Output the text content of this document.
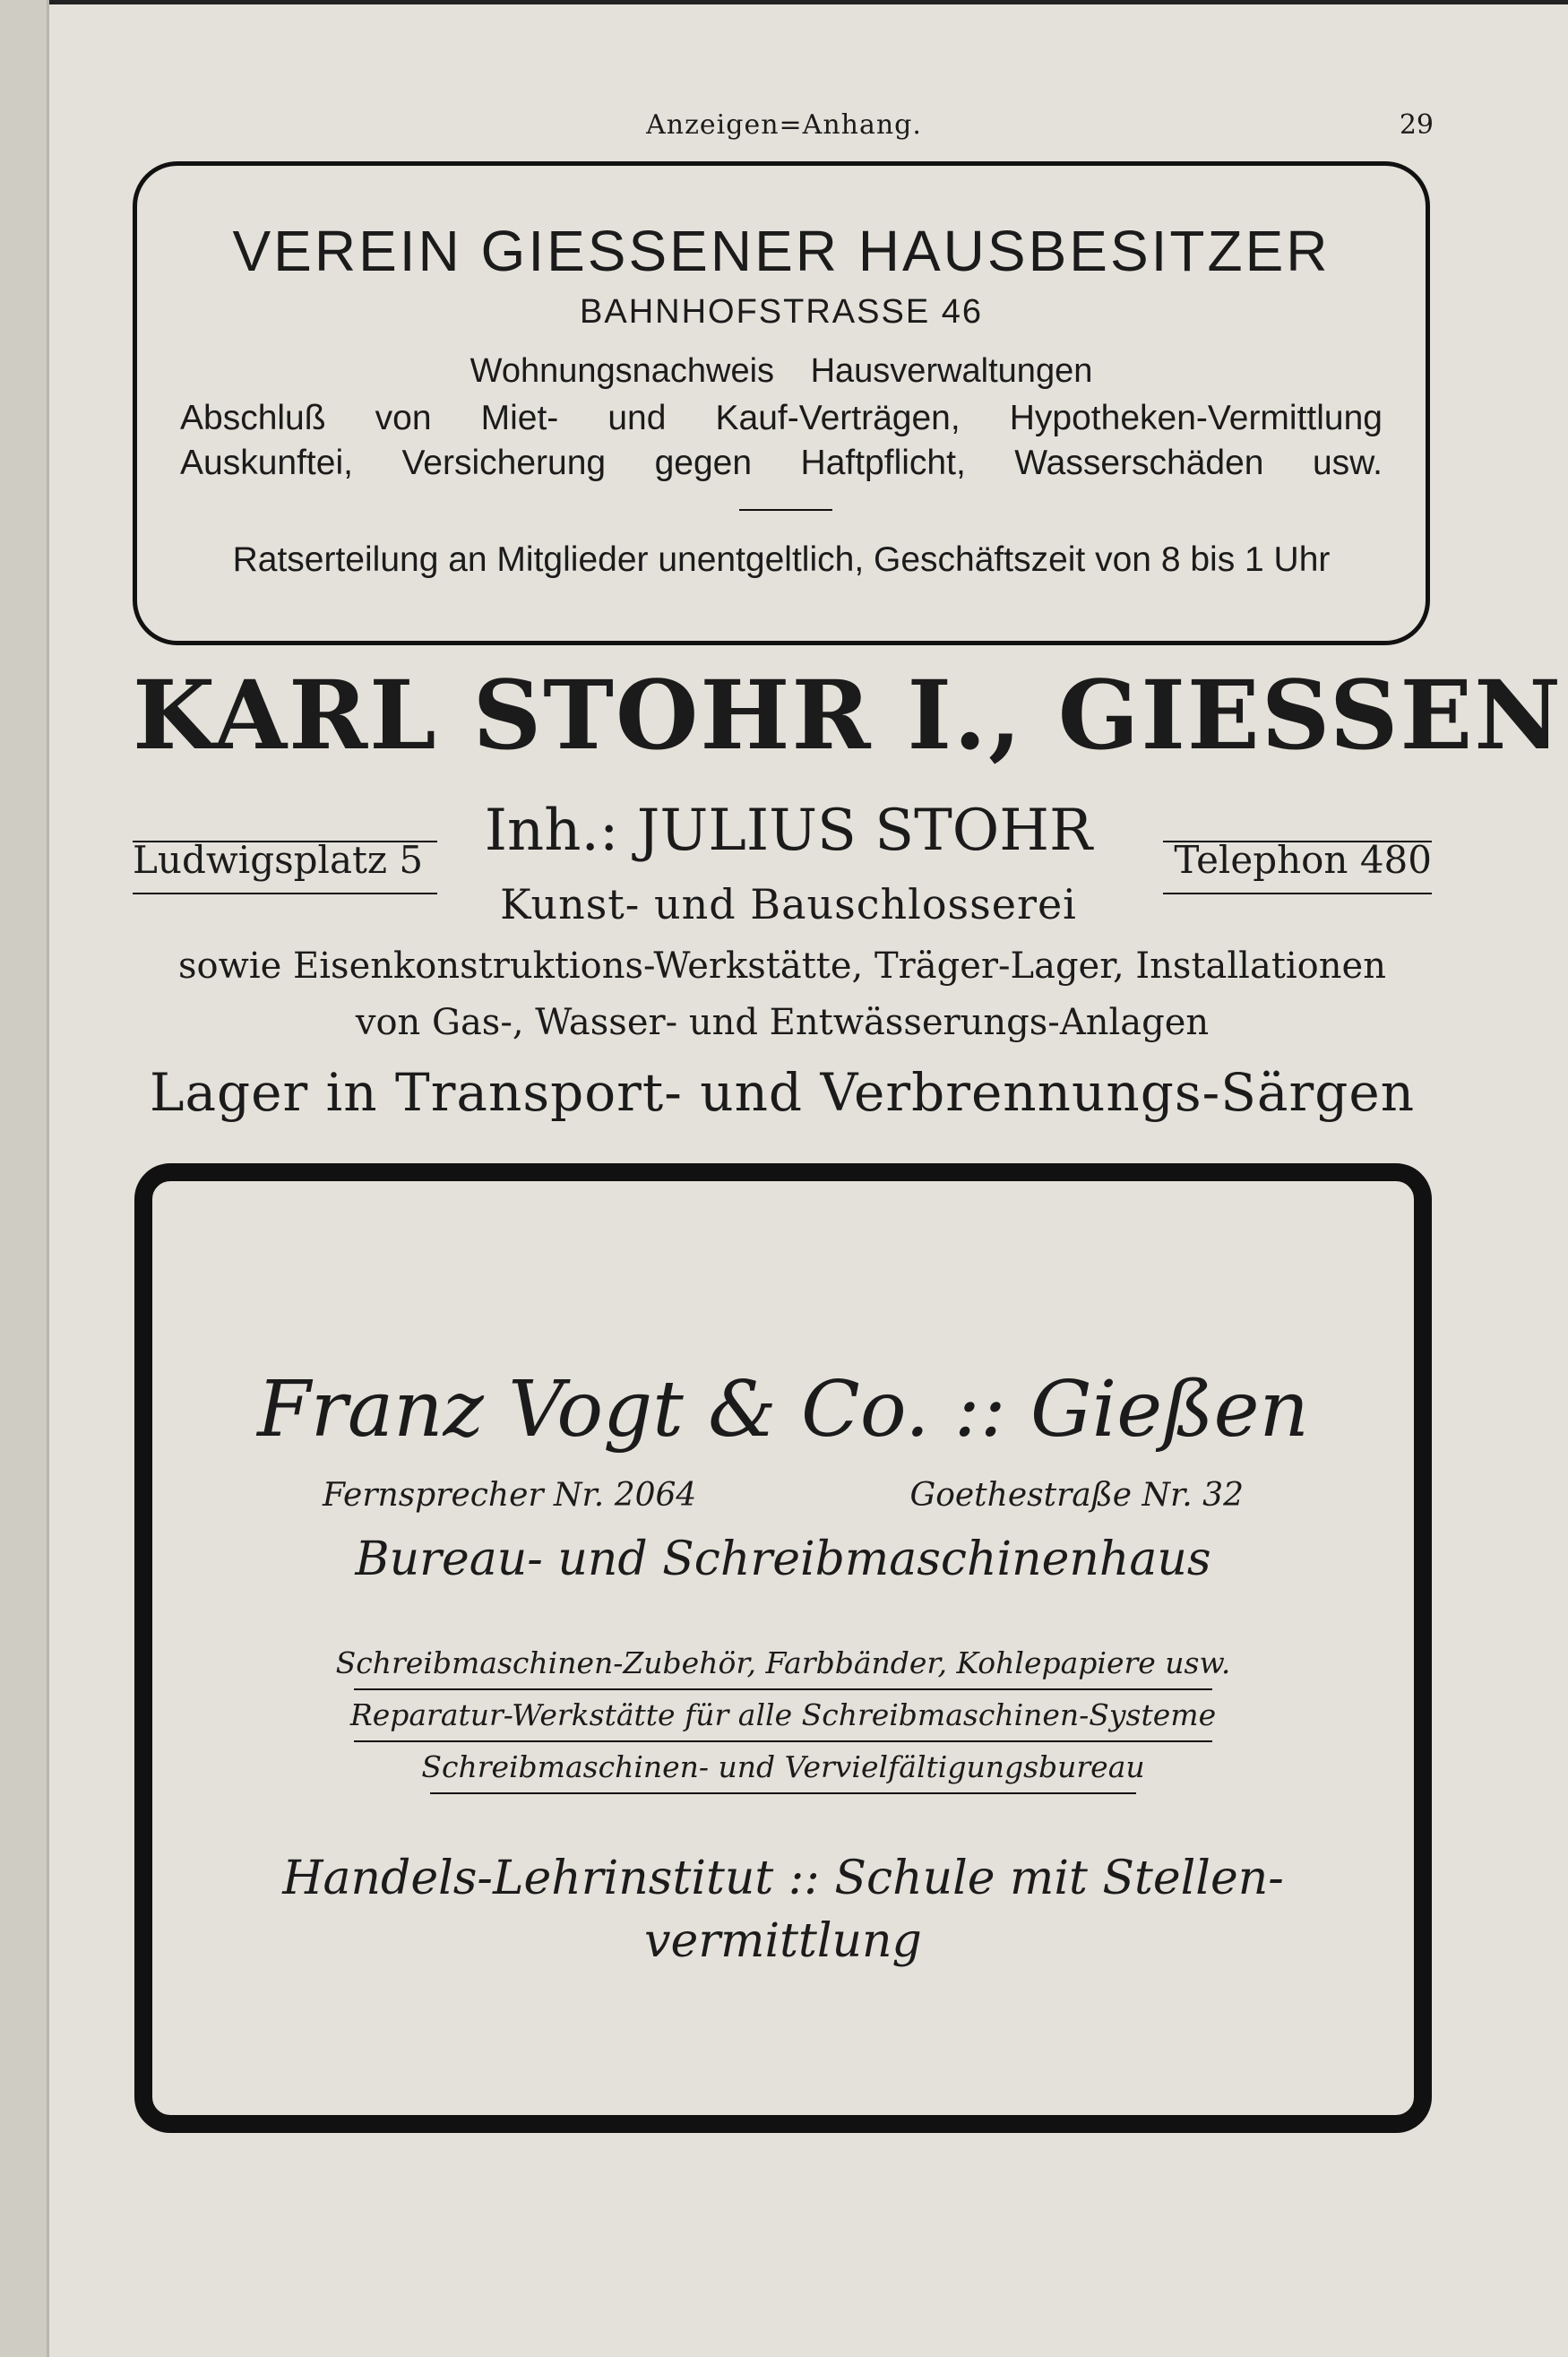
Anzeigen=Anhang.	29
VEREIN GIESSENER HAUSBESITZER
BAHNHOFSTRASSE 46
Wohnungsnachweis Hausverwaltungen
Abschluß von Miet- und Kauf-Verträgen, Hypotheken-Vermittlung
Auskunftei, Versicherung gegen Haftpflicht, Wasserschäden usw.
Ratserteilung an Mitglieder unentgeltlich, Geschäftszeit von 8 bis 1 Uhr
KARL STOHR I., GIESSEN
Inh.: JULIUS STOHR
Ludwigsplatz 5	Telephon 480
Kunst- und Bauschlosserei
sowie Eisenkonstruktions-Werkstätte, Träger-Lager, Installationen
von Gas-, Wasser- und Entwässerungs-Anlagen
Lager in Transport- und Verbrennungs-Särgen
Franz Vogt & Co. :: Gießen
Fernsprecher Nr. 2064	Goethestraße Nr. 32
Bureau- und Schreibmaschinenhaus
Schreibmaschinen-Zubehör, Farbbänder, Kohlepapiere usw.
Reparatur-Werkstätte für alle Schreibmaschinen-Systeme
Schreibmaschinen- und Vervielfältigungsbureau
Handels-Lehrinstitut :: Schule mit Stellen-
vermittlung
